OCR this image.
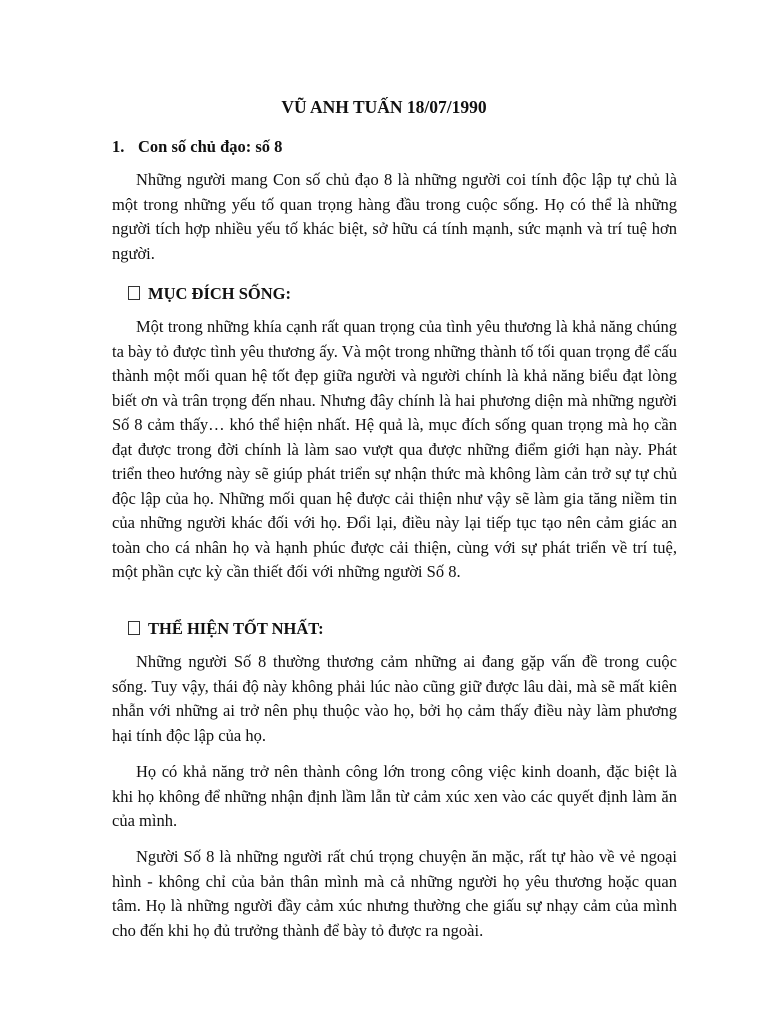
VŨ ANH TUẤN 18/07/1990
1. Con số chủ đạo: số 8

Những người mang Con số chủ đạo 8 là những người coi tính độc lập tự chủ là một trong những yếu tố quan trọng hàng đầu trong cuộc sống. Họ có thể là những người tích hợp nhiều yếu tố khác biệt, sở hữu cá tính mạnh, sức mạnh và trí tuệ hơn người.

MỤC ĐÍCH SỐNG:

Một trong những khía cạnh rất quan trọng của tình yêu thương là khả năng chúng ta bày tỏ được tình yêu thương ấy. Và một trong những thành tố tối quan trọng để cấu thành một mối quan hệ tốt đẹp giữa người và người chính là khả năng biểu đạt lòng biết ơn và trân trọng đến nhau. Nhưng đây chính là hai phương diện mà những người Số 8 cảm thấy… khó thể hiện nhất. Hệ quả là, mục đích sống quan trọng mà họ cần đạt được trong đời chính là làm sao vượt qua được những điểm giới hạn này. Phát triển theo hướng này sẽ giúp phát triển sự nhận thức mà không làm cản trở sự tự chủ độc lập của họ. Những mối quan hệ được cải thiện như vậy sẽ làm gia tăng niềm tin của những người khác đối với họ. Đổi lại, điều này lại tiếp tục tạo nên cảm giác an toàn cho cá nhân họ và hạnh phúc được cải thiện, cùng với sự phát triển về trí tuệ, một phần cực kỳ cần thiết đối với những người Số 8.

THỂ HIỆN TỐT NHẤT:

Những người Số 8 thường thương cảm những ai đang gặp vấn đề trong cuộc sống. Tuy vậy, thái độ này không phải lúc nào cũng giữ được lâu dài, mà sẽ mất kiên nhẫn với những ai trở nên phụ thuộc vào họ, bởi họ cảm thấy điều này làm phương hại tính độc lập của họ.

Họ có khả năng trở nên thành công lớn trong công việc kinh doanh, đặc biệt là khi họ không để những nhận định lầm lẫn từ cảm xúc xen vào các quyết định làm ăn của mình.

Người Số 8 là những người rất chú trọng chuyện ăn mặc, rất tự hào về vẻ ngoại hình - không chỉ của bản thân mình mà cả những người họ yêu thương hoặc quan tâm. Họ là những người đầy cảm xúc nhưng thường che giấu sự nhạy cảm của mình cho đến khi họ đủ trưởng thành để bày tỏ được ra ngoài.
